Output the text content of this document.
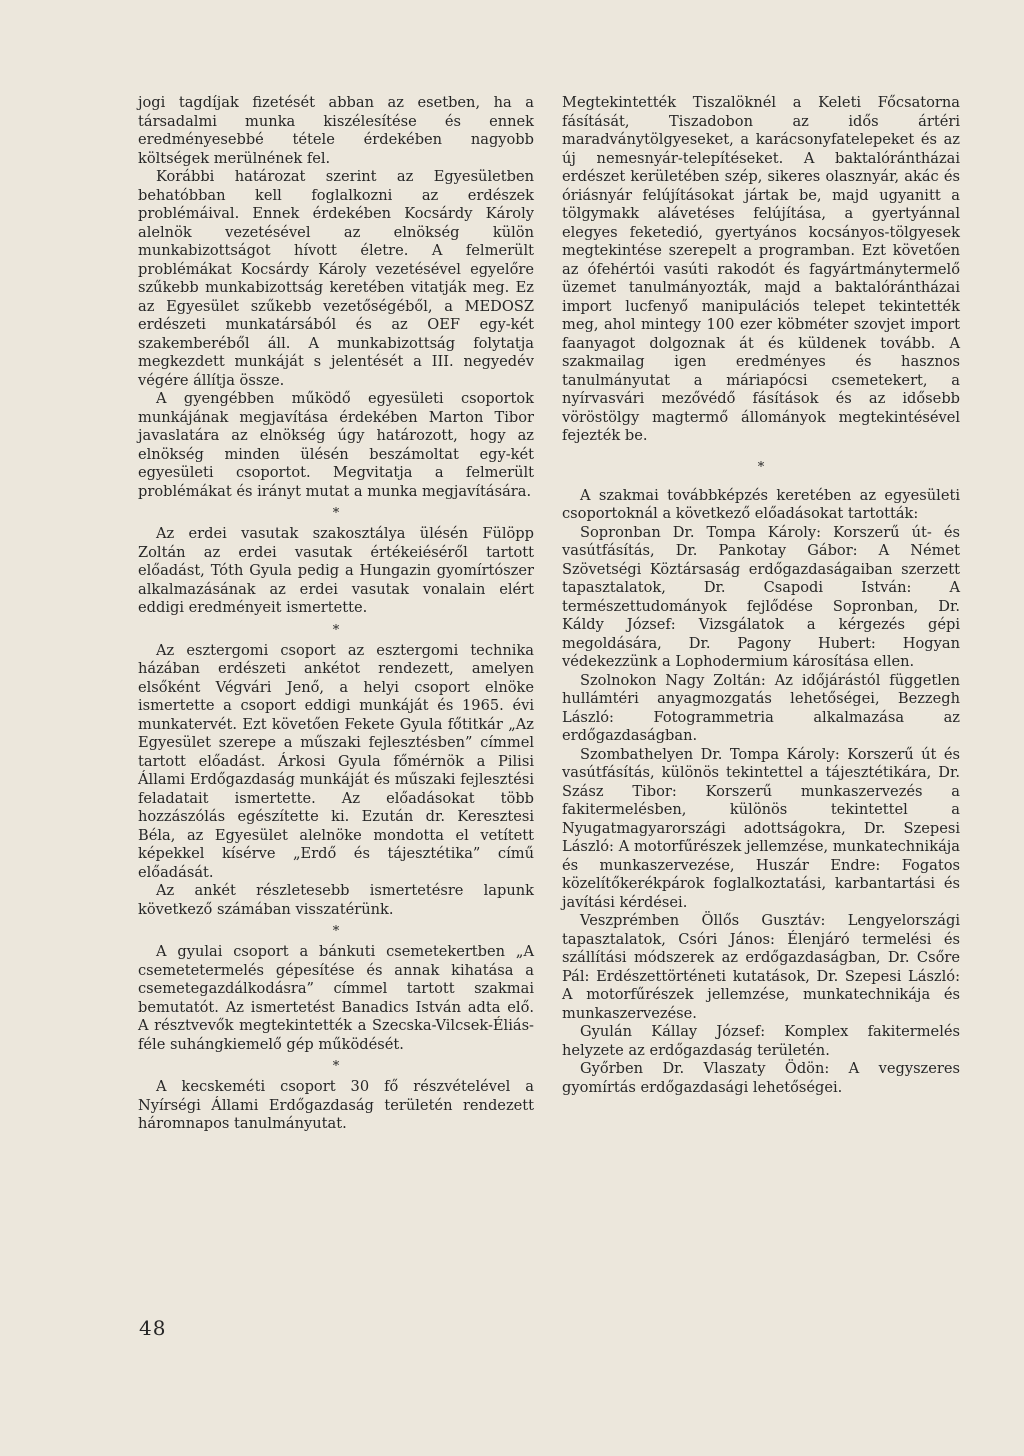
jogi tagdíjak fizetését abban az esetben, ha a társadalmi munka kiszélesítése és ennek eredményesebbé tétele érdekében nagyobb költségek merülnének fel.

Korábbi határozat szerint az Egyesületben behatóbban kell foglalkozni az erdészek problémáival. Ennek érdekében Kocsárdy Károly alelnök vezetésével az elnökség külön munkabizottságot hívott életre. A felmerült problémákat Kocsárdy Károly vezetésével egyelőre szűkebb munkabizottság keretében vitatják meg. Ez az Egyesület szűkebb vezetőségéből, a MEDOSZ erdészeti munkatársából és az OEF egy-két szakemberéből áll. A munkabizottság folytatja megkezdett munkáját s jelentését a III. negyedév végére állítja össze.

A gyengébben működő egyesületi csoportok munkájának megjavítása érdekében Marton Tibor javaslatára az elnökség úgy határozott, hogy az elnökség minden ülésén beszámoltat egy-két egyesületi csoportot. Megvitatja a felmerült problémákat és irányt mutat a munka megjavítására.

*

Az erdei vasutak szakosztálya ülésén Fülöpp Zoltán az erdei vasutak értékeiéséről tartott előadást, Tóth Gyula pedig a Hungazin gyomírtószer alkalmazásának az erdei vasutak vonalain elért eddigi eredményeit ismertette.

*

Az esztergomi csoport az esztergomi technika házában erdészeti ankétot rendezett, amelyen elsőként Végvári Jenő, a helyi csoport elnöke ismertette a csoport eddigi munkáját és 1965. évi munkatervét. Ezt követően Fekete Gyula főtitkár „Az Egyesület szerepe a műszaki fejlesztésben” címmel tartott előadást. Árkosi Gyula főmérnök a Pilisi Állami Erdőgazdaság munkáját és műszaki fejlesztési feladatait ismertette. Az előadásokat több hozzászólás egészítette ki. Ezután dr. Keresztesi Béla, az Egyesület alelnöke mondotta el vetített képekkel kísérve „Erdő és tájesztétika” című előadását.

Az ankét részletesebb ismertetésre lapunk következő számában visszatérünk.

*

A gyulai csoport a bánkuti csemetekertben „A csemetetermelés gépesítése és annak kihatása a csemetegazdálkodásra” címmel tartott szakmai bemutatót. Az ismertetést Banadics István adta elő. A résztvevők megtekintették a Szecska-Vilcsek-Éliás-féle suhángkiemelő gép működését.

*

A kecskeméti csoport 30 fő részvételével a Nyírségi Állami Erdőgazdaság területén rendezett háromnapos tanulmányutat.

Megtekintették Tiszalöknél a Keleti Főcsatorna fásítását, Tiszadobon az idős ártéri maradványtölgyeseket, a karácsonyfatelepeket és az új nemesnyár-telepítéseket. A baktalórántházai erdészet kerületében szép, sikeres olasznyár, akác és óriásnyár felújításokat jártak be, majd ugyanitt a tölgymakk alávetéses felújítása, a gyertyánnal elegyes feketedió, gyertyános kocsányos-tölgyesek megtekintése szerepelt a programban. Ezt követően az ófehértói vasúti rakodót és fagyártmánytermelő üzemet tanulmányozták, majd a baktalórántházai import lucfenyő manipulációs telepet tekintették meg, ahol mintegy 100 ezer köbméter szovjet import faanyagot dolgoznak át és küldenek tovább. A szakmailag igen eredményes és hasznos tanulmányutat a máriapócsi csemetekert, a nyírvasvári mezővédő fásítások és az idősebb vöröstölgy magtermő állományok megtekintésével fejezték be.

*

A szakmai továbbképzés keretében az egyesületi csoportoknál a következő előadásokat tartották:

Sopronban Dr. Tompa Károly: Korszerű út- és vasútfásítás, Dr. Pankotay Gábor: A Német Szövetségi Köztársaság erdőgazdaságaiban szerzett tapasztalatok, Dr. Csapodi István: A természettudományok fejlődése Sopronban, Dr. Káldy József: Vizsgálatok a kérgezés gépi megoldására, Dr. Pagony Hubert: Hogyan védekezzünk a Lophodermium károsítása ellen.

Szolnokon Nagy Zoltán: Az időjárástól független hullámtéri anyagmozgatás lehetőségei, Bezzegh László: Fotogrammetria alkalmazása az erdőgazdaságban.

Szombathelyen Dr. Tompa Károly: Korszerű út és vasútfásítás, különös tekintettel a tájesztétikára, Dr. Szász Tibor: Korszerű munkaszervezés a fakitermelésben, különös tekintettel a Nyugatmagyarországi adottságokra, Dr. Szepesi László: A motorfűrészek jellemzése, munkatechnikája és munkaszervezése, Huszár Endre: Fogatos közelítőkerékpárok foglalkoztatási, karbantartási és javítási kérdései.

Veszprémben Öllős Gusztáv: Lengyelországi tapasztalatok, Csóri János: Élenjáró termelési és szállítási módszerek az erdőgazdaságban, Dr. Csőre Pál: Erdészettörténeti kutatások, Dr. Szepesi László: A motorfűrészek jellemzése, munkatechnikája és munkaszervezése.

Gyulán Kállay József: Komplex fakitermelés helyzete az erdőgazdaság területén.

Győrben Dr. Vlaszaty Ödön: A vegyszeres gyomírtás erdőgazdasági lehetőségei.

48
